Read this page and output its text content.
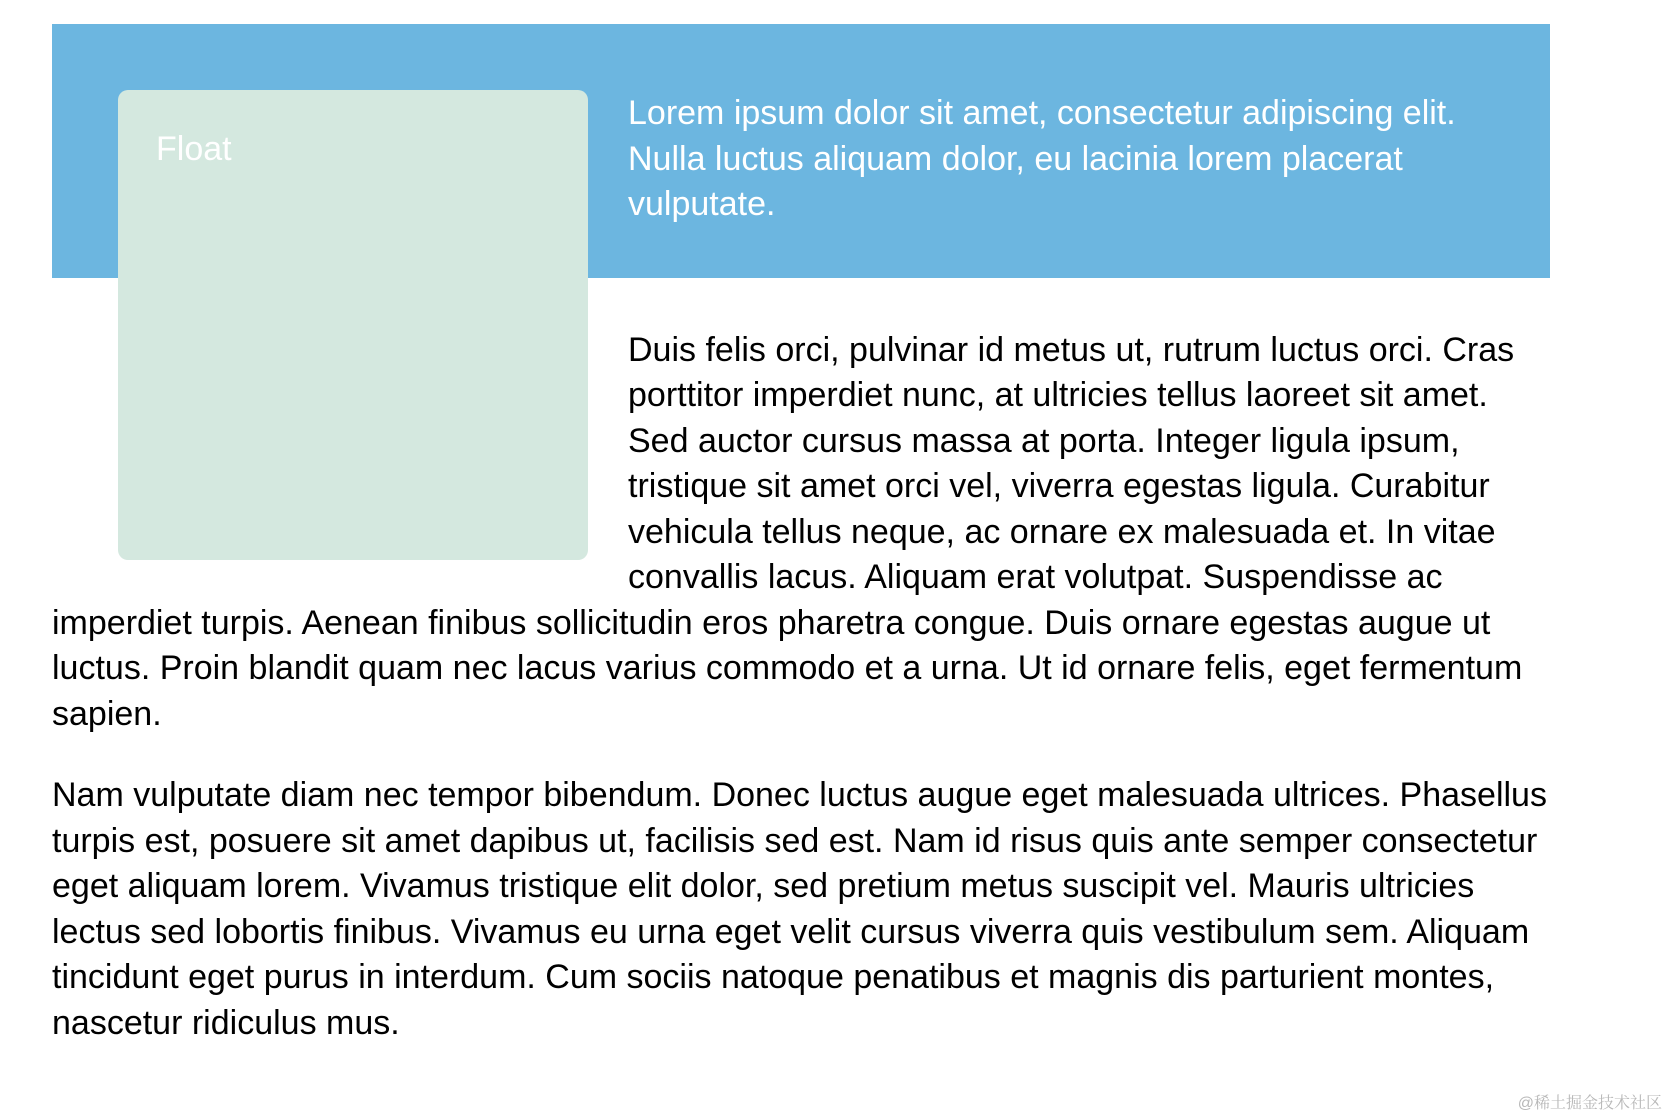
Float
Lorem ipsum dolor sit amet, consectetur adipiscing elit. Nulla luctus aliquam dolor, eu lacinia lorem placerat vulputate.

Duis felis orci, pulvinar id metus ut, rutrum luctus orci. Cras porttitor imperdiet nunc, at ultricies tellus laoreet sit amet. Sed auctor cursus massa at porta. Integer ligula ipsum, tristique sit amet orci vel, viverra egestas ligula. Curabitur vehicula tellus neque, ac ornare ex malesuada et. In vitae convallis lacus. Aliquam erat volutpat. Suspendisse ac imperdiet turpis. Aenean finibus sollicitudin eros pharetra congue. Duis ornare egestas augue ut luctus. Proin blandit quam nec lacus varius commodo et a urna. Ut id ornare felis, eget fermentum sapien.

Nam vulputate diam nec tempor bibendum. Donec luctus augue eget malesuada ultrices. Phasellus turpis est, posuere sit amet dapibus ut, facilisis sed est. Nam id risus quis ante semper consectetur eget aliquam lorem. Vivamus tristique elit dolor, sed pretium metus suscipit vel. Mauris ultricies lectus sed lobortis finibus. Vivamus eu urna eget velit cursus viverra quis vestibulum sem. Aliquam tincidunt eget purus in interdum. Cum sociis natoque penatibus et magnis dis parturient montes, nascetur ridiculus mus.

@稀土掘金技术社区
